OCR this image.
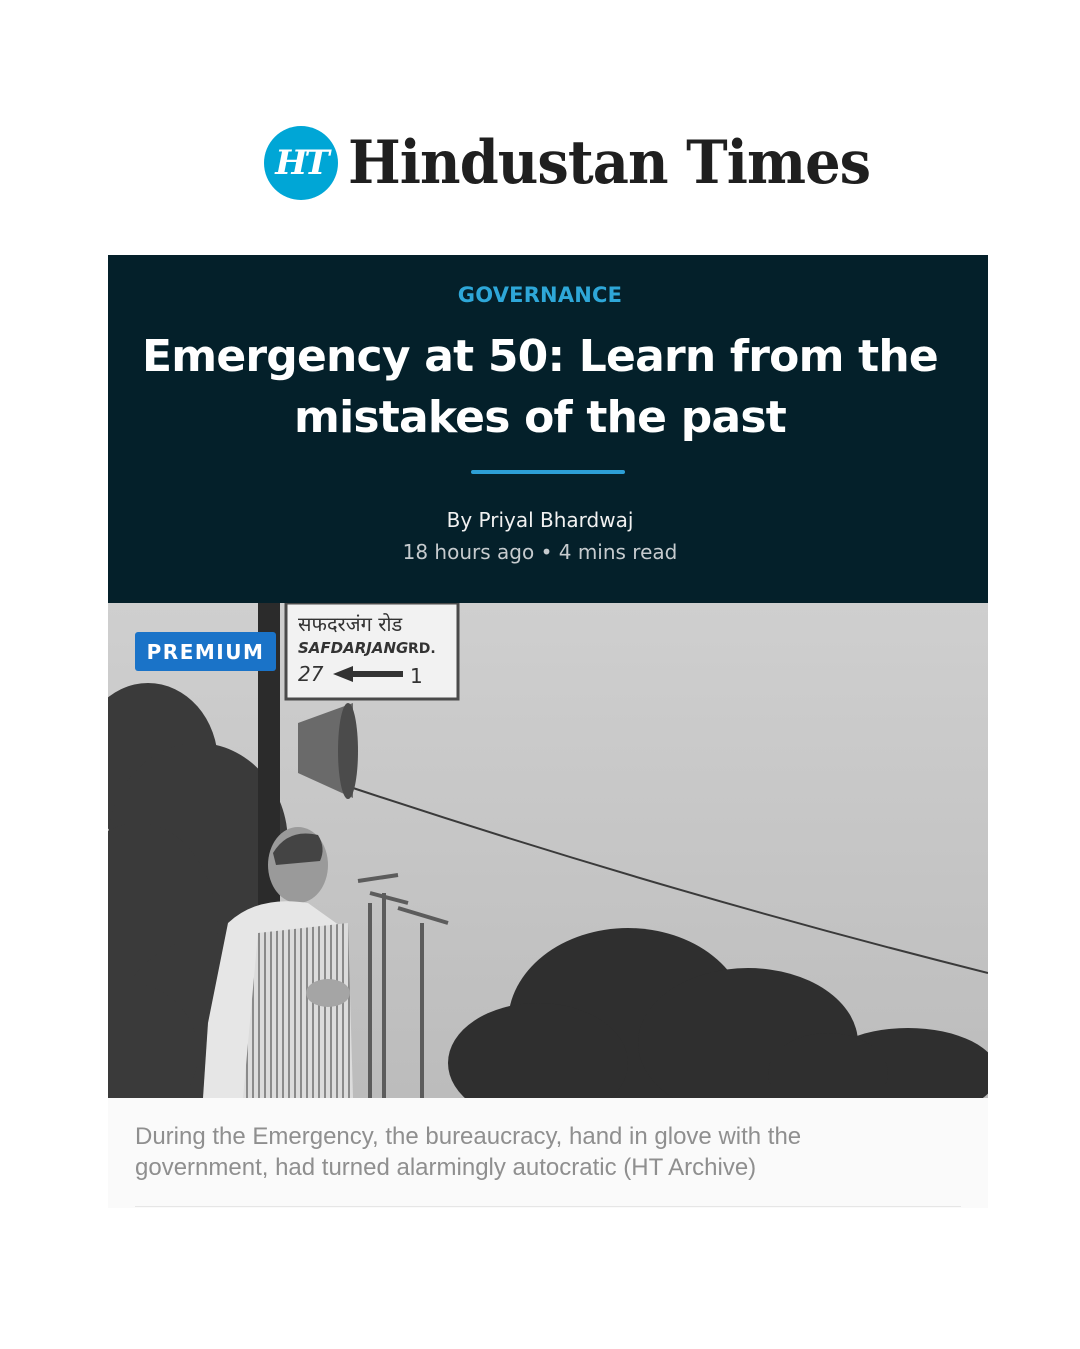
HT Hindustan Times
GOVERNANCE
Emergency at 50: Learn from the mistakes of the past
By Priyal Bhardwaj
18 hours ago • 4 mins read
सफदरजंग रोड
SAFDARJANG RD.
27	1
PREMIUM
During the Emergency, the bureaucracy, hand in glove with the government, had turned alarmingly autocratic (HT Archive)
